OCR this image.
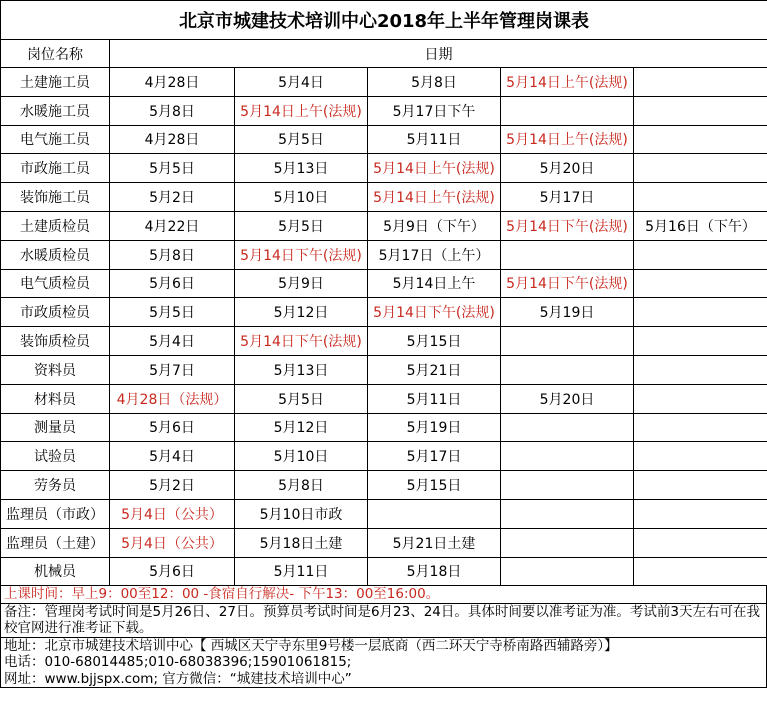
北京市城建技术培训中心2018年上半年管理岗课表					
岗位名称	日期				
土建施工员	4月28日	5月4日	5月8日	5月14日上午(法规)	
水暖施工员	5月8日	5月14日上午(法规)	5月17日下午		
电气施工员	4月28日	5月5日	5月11日	5月14日上午(法规)	
市政施工员	5月5日	5月13日	5月14日上午(法规)	5月20日	
装饰施工员	5月2日	5月10日	5月14日上午(法规)	5月17日	
土建质检员	4月22日	5月5日	5月9日（下午）	5月14日下午(法规)	5月16日（下午）
水暖质检员	5月8日	5月14日下午(法规)	5月17日（上午）		
电气质检员	5月6日	5月9日	5月14日上午	5月14日下午(法规)	
市政质检员	5月5日	5月12日	5月14日下午(法规)	5月19日	
装饰质检员	5月4日	5月14日下午(法规)	5月15日		
资料员	5月7日	5月13日	5月21日		
材料员	4月28日（法规）	5月5日	5月11日	5月20日	
测量员	5月6日	5月12日	5月19日		
试验员	5月4日	5月10日	5月17日		
劳务员	5月2日	5月8日	5月15日		
监理员（市政）	5月4日（公共）	5月10日市政			
监理员（土建）	5月4日（公共）	5月18日土建	5月21日土建		
机械员	5月6日	5月11日	5月18日		
上课时间：早上9：00至12：00 -食宿自行解决- 下午13：00至16:00。
备注：管理岗考试时间是5月26日、27日。预算员考试时间是6月23、24日。具体时间要以准考证为准。考试前3天左右可在我校官网进行准考证下载。
地址：北京市城建技术培训中心【 西城区天宁寺东里9号楼一层底商（西二环天宁寺桥南路西辅路旁）】
电话：010-68014485;010-68038396;15901061815;
网址：www.bjjspx.com; 官方微信：“城建技术培训中心”
